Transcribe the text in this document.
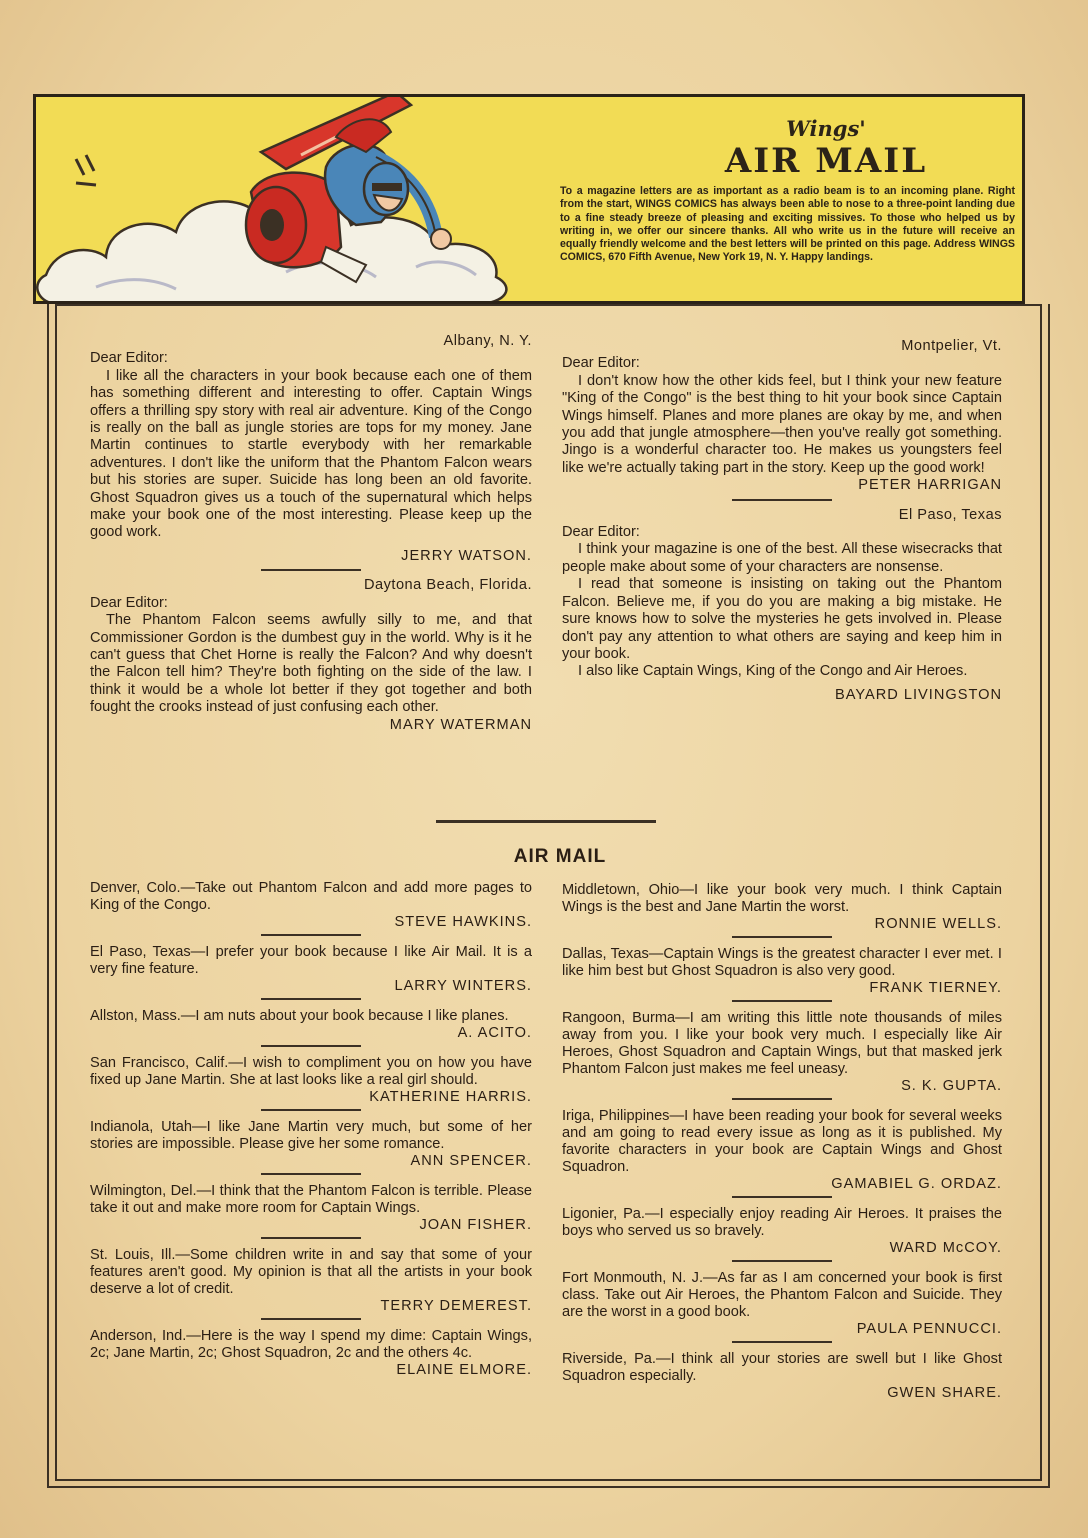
Wings'
AIR MAIL
To a magazine letters are as important as a radio beam is to an incoming plane. Right from the start, WINGS COMICS has always been able to nose to a three-point landing due to a fine steady breeze of pleasing and exciting missives. To those who helped us by writing in, we offer our sincere thanks. All who write us in the future will receive an equally friendly welcome and the best letters will be printed on this page. Address WINGS COMICS, 670 Fifth Avenue, New York 19, N. Y. Happy landings.

Albany, N. Y.

Dear Editor:

I like all the characters in your book because each one of them has something different and interesting to offer. Captain Wings offers a thrilling spy story with real air adventure. King of the Congo is really on the ball as jungle stories are tops for my money. Jane Martin continues to startle everybody with her remarkable adventures. I don't like the uniform that the Phantom Falcon wears but his stories are super. Suicide has long been an old favorite. Ghost Squadron gives us a touch of the supernatural which helps make your book one of the most interesting. Please keep up the good work.

JERRY WATSON.

Daytona Beach, Florida.

Dear Editor:

The Phantom Falcon seems awfully silly to me, and that Commissioner Gordon is the dumbest guy in the world. Why is it he can't guess that Chet Horne is really the Falcon? And why doesn't the Falcon tell him? They're both fighting on the side of the law. I think it would be a whole lot better if they got together and both fought the crooks instead of just confusing each other.

MARY WATERMAN

Montpelier, Vt.

Dear Editor:

I don't know how the other kids feel, but I think your new feature "King of the Congo" is the best thing to hit your book since Captain Wings himself. Planes and more planes are okay by me, and when you add that jungle atmosphere—then you've really got something. Jingo is a wonderful character too. He makes us youngsters feel like we're actually taking part in the story. Keep up the good work!

PETER HARRIGAN

El Paso, Texas

Dear Editor:

I think your magazine is one of the best. All these wisecracks that people make about some of your characters are nonsense.

I read that someone is insisting on taking out the Phantom Falcon. Believe me, if you do you are making a big mistake. He sure knows how to solve the mysteries he gets involved in. Please don't pay any attention to what others are saying and keep him in your book.

I also like Captain Wings, King of the Congo and Air Heroes.

BAYARD LIVINGSTON

AIR MAIL

Denver, Colo.—Take out Phantom Falcon and add more pages to King of the Congo.

STEVE HAWKINS.

El Paso, Texas—I prefer your book because I like Air Mail. It is a very fine feature.

LARRY WINTERS.

Allston, Mass.—I am nuts about your book because I like planes.

A. ACITO.

San Francisco, Calif.—I wish to compliment you on how you have fixed up Jane Martin. She at last looks like a real girl should.

KATHERINE HARRIS.

Indianola, Utah—I like Jane Martin very much, but some of her stories are impossible. Please give her some romance.

ANN SPENCER.

Wilmington, Del.—I think that the Phantom Falcon is terrible. Please take it out and make more room for Captain Wings.

JOAN FISHER.

St. Louis, Ill.—Some children write in and say that some of your features aren't good. My opinion is that all the artists in your book deserve a lot of credit.

TERRY DEMEREST.

Anderson, Ind.—Here is the way I spend my dime: Captain Wings, 2c; Jane Martin, 2c; Ghost Squadron, 2c and the others 4c.

ELAINE ELMORE.

Middletown, Ohio—I like your book very much. I think Captain Wings is the best and Jane Martin the worst.

RONNIE WELLS.

Dallas, Texas—Captain Wings is the greatest character I ever met. I like him best but Ghost Squadron is also very good.

FRANK TIERNEY.

Rangoon, Burma—I am writing this little note thousands of miles away from you. I like your book very much. I especially like Air Heroes, Ghost Squadron and Captain Wings, but that masked jerk Phantom Falcon just makes me feel uneasy.

S. K. GUPTA.

Iriga, Philippines—I have been reading your book for several weeks and am going to read every issue as long as it is published. My favorite characters in your book are Captain Wings and Ghost Squadron.

GAMABIEL G. ORDAZ.

Ligonier, Pa.—I especially enjoy reading Air Heroes. It praises the boys who served us so bravely.

WARD McCOY.

Fort Monmouth, N. J.—As far as I am concerned your book is first class. Take out Air Heroes, the Phantom Falcon and Suicide. They are the worst in a good book.

PAULA PENNUCCI.

Riverside, Pa.—I think all your stories are swell but I like Ghost Squadron especially.

GWEN SHARE.
